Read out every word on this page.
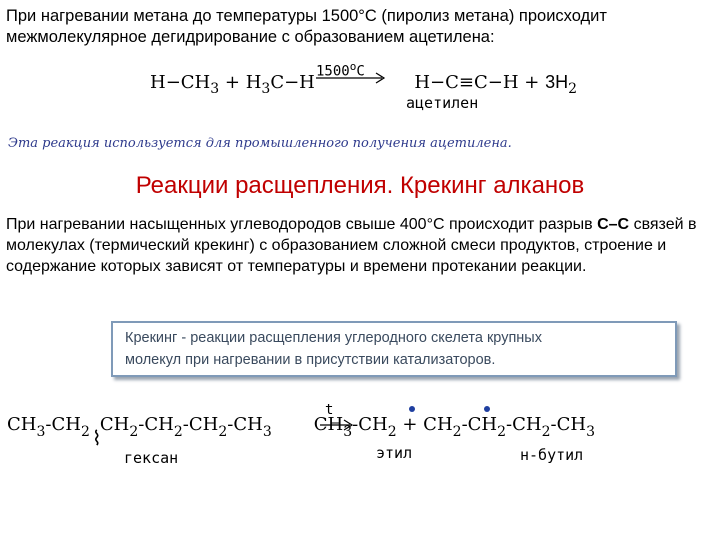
При нагревании метана до температуры 1500°С (пиролиз метана) происходит
межмолекулярное дегидрирование с образованием ацетилена:
1500$^o$C
$H-CH_3 + H_3C-H$	$H-C\equiv C-H + 3H_2$
ацетилен
Эта реакция используется для промышленного получения ацетилена.
Реакции расщепления. Крекинг алканов
При нагревании насыщенных углеводородов свыше 400°С происходит разрыв С–С связей в молекулах (термический крекинг) с образованием сложной смеси продуктов, строение и содержание которых зависят от температуры и времени протекании реакции.
Крекинг - реакции расщепления углеродного скелета крупных
молекул при нагревании в присутствии катализаторов.
$CH_3-CH_2$ ⌇
$CH_2-CH_2-CH_2-CH_3$ $CH_3-CH_2 + CH_2-CH_2-CH_2-CH_3$
t
гексан	этил	н-бутил
